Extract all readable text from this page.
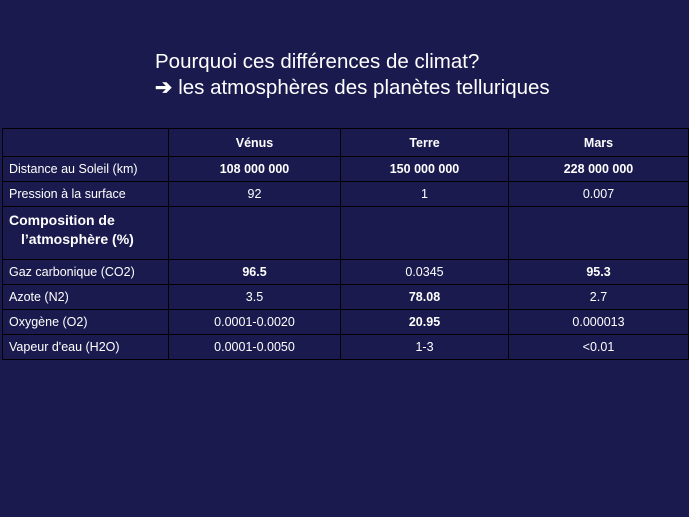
Pourquoi ces différences de climat?
➔ les atmosphères des planètes telluriques
	Vénus	Terre	Mars
Distance au Soleil (km)	108 000 000	150 000 000	228 000 000
Pression à la surface	92	1	0.007
Composition de
l’atmosphère (%)			

Gaz carbonique (CO2)	96.5	0.0345	95.3
Azote (N2)	3.5	78.08	2.7
Oxygène (O2)	0.0001-0.0020	20.95	0.000013
Vapeur d'eau (H2O)	0.0001-0.0050	1-3	<0.01
